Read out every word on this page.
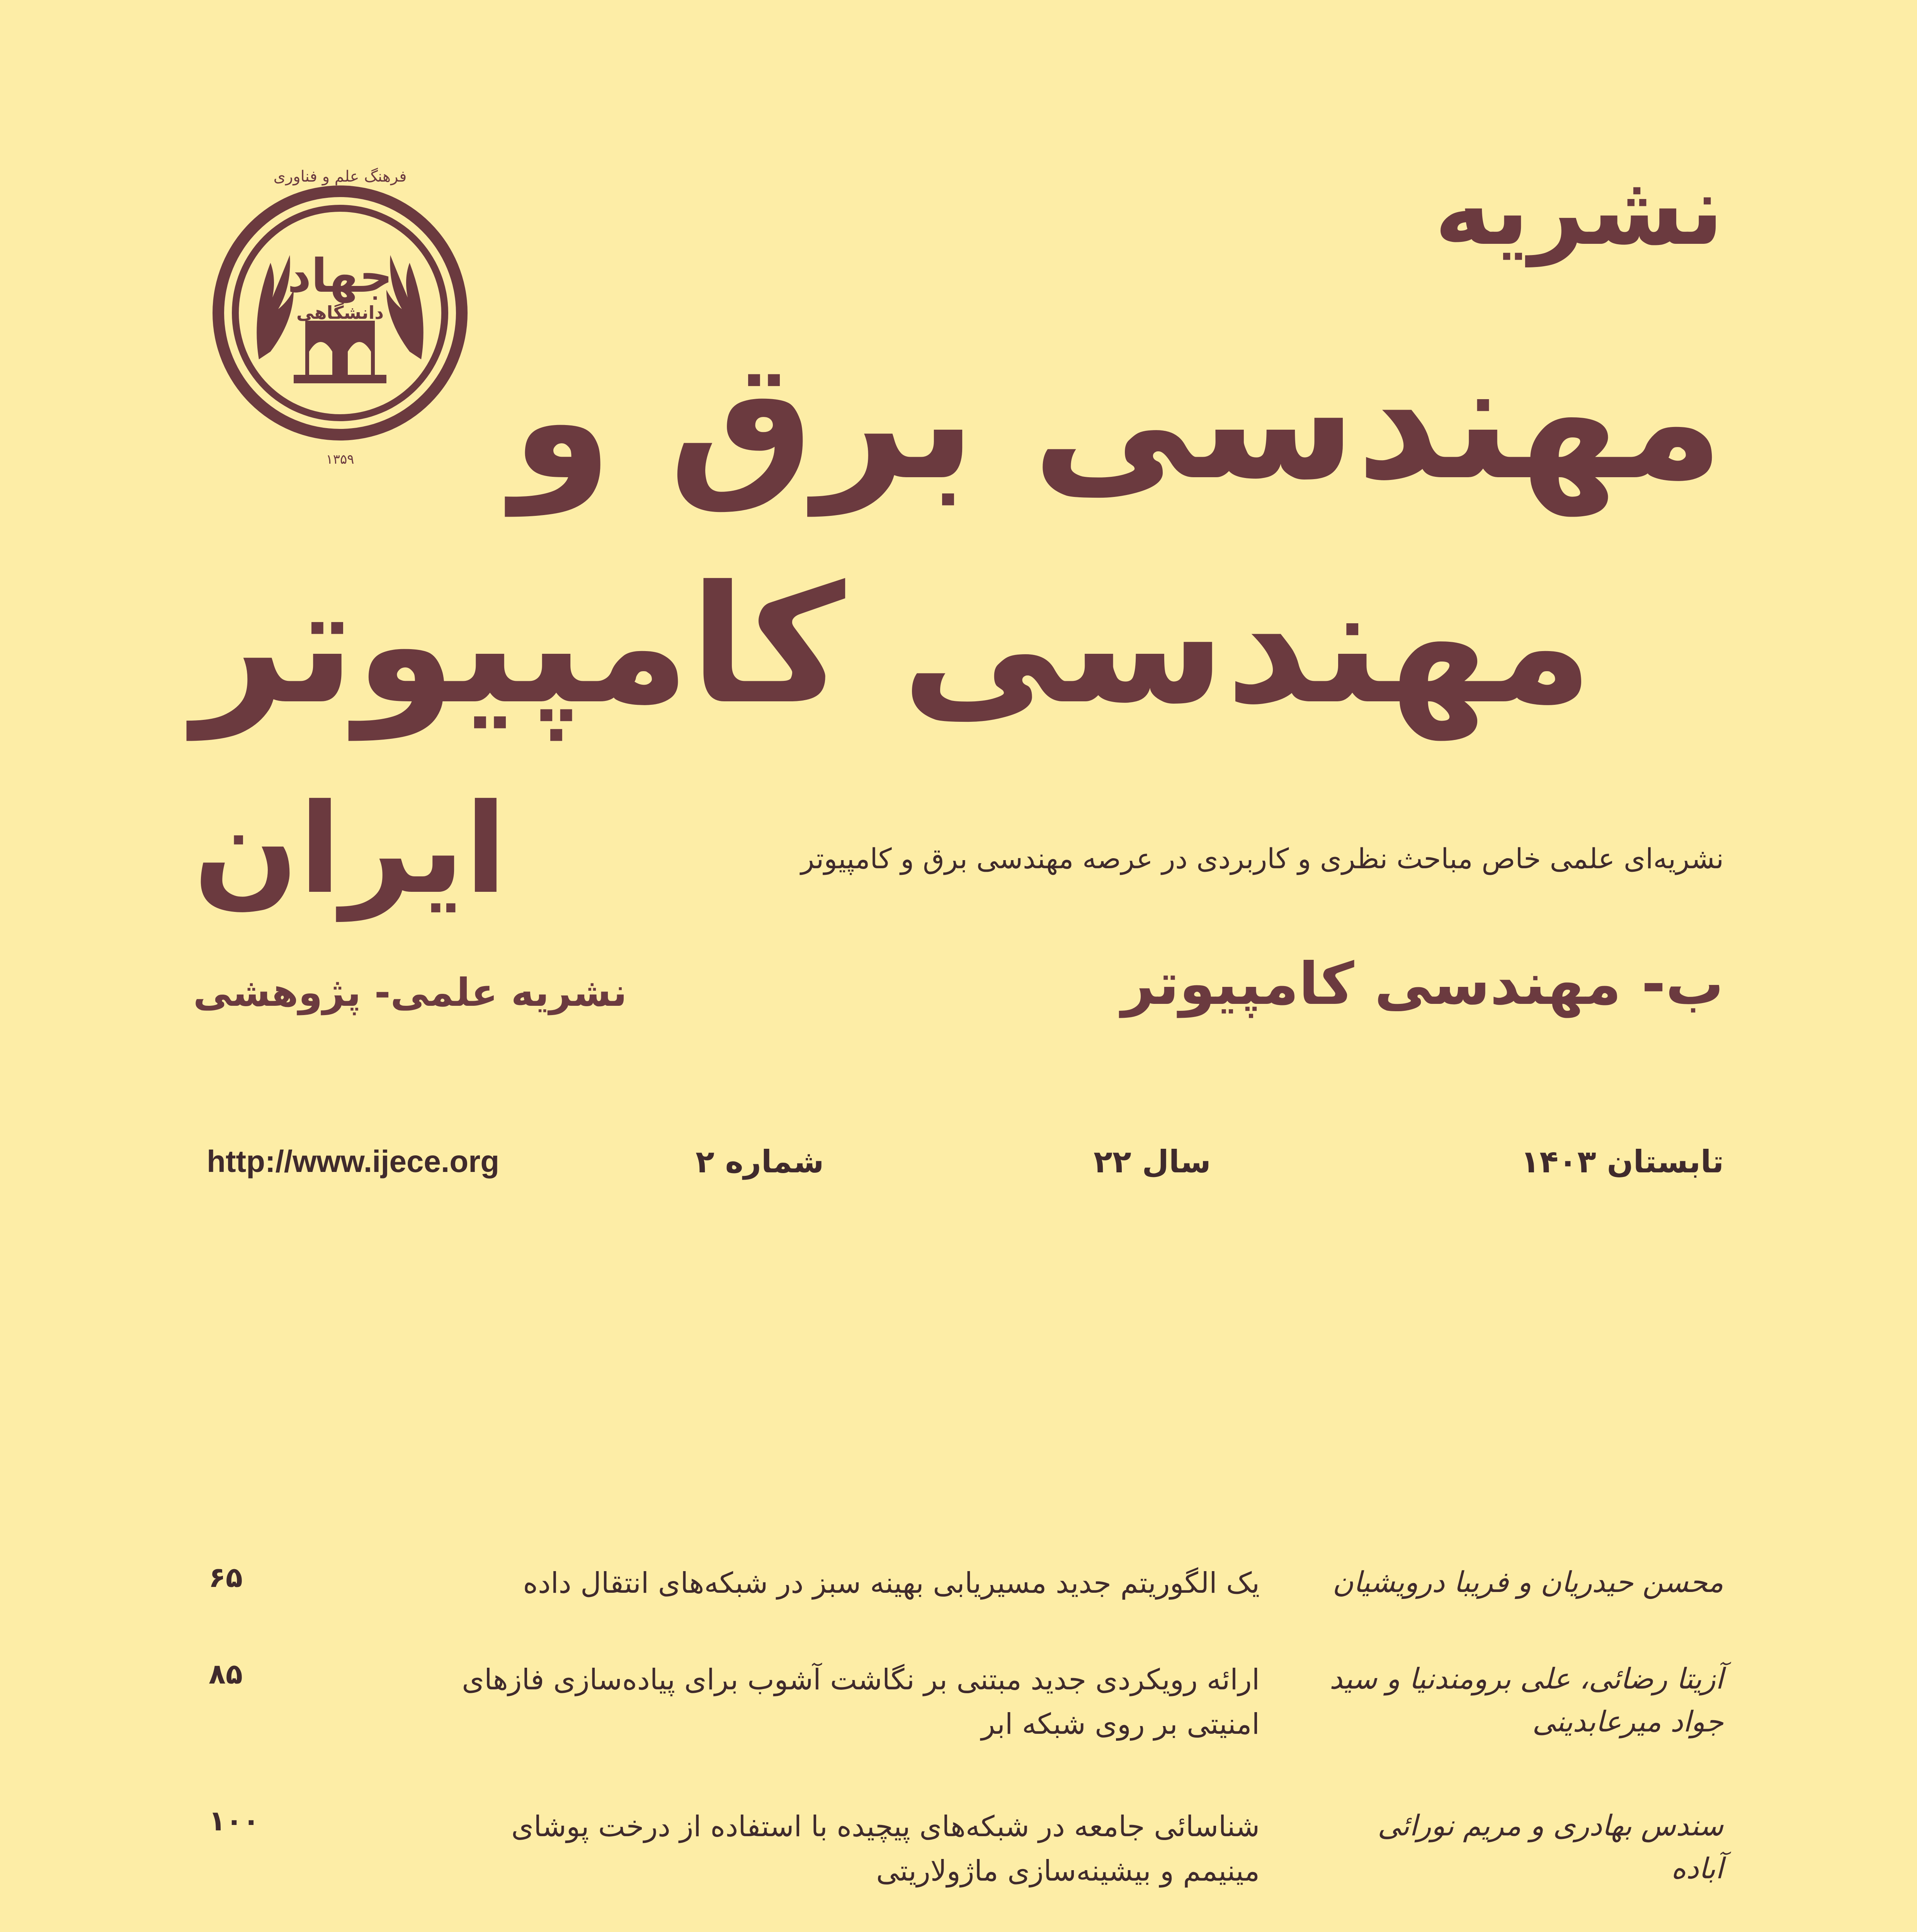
جهاد
دانشگاهی
فرهنگ علم و فناوری
۱۳۵۹
نشریه
مهندسی برق و
مهندسی کامپیوتر
ایران	نشریه‌ای علمی خاص مباحث نظری و کاربردی در عرصه مهندسی برق و کامپیوتر
ب- مهندسی کامپیوتر
نشریه علمی- پژوهشی
تابستان ۱۴۰۳
سال ۲۲
شماره ۲
http://www.ijece.org
محسن حیدریان و فریبا درویشیان
یک الگوریتم جدید مسیریابی بهینه سبز در شبکه‌های انتقال داده
۶۵
آزیتا رضائی، علی برومندنیا و سید جواد میرعابدینی
ارائه رویکردی جدید مبتنی بر نگاشت آشوب برای پیاده‌سازی فازهای امنیتی بر روی شبکه ابر
۸۵
سندس بهادری و مریم نورائی آباده
شناسائی جامعه در شبکه‌های پیچیده با استفاده از درخت پوشای مینیمم و بیشینه‌سازی ماژولاریتی
۱۰۰
